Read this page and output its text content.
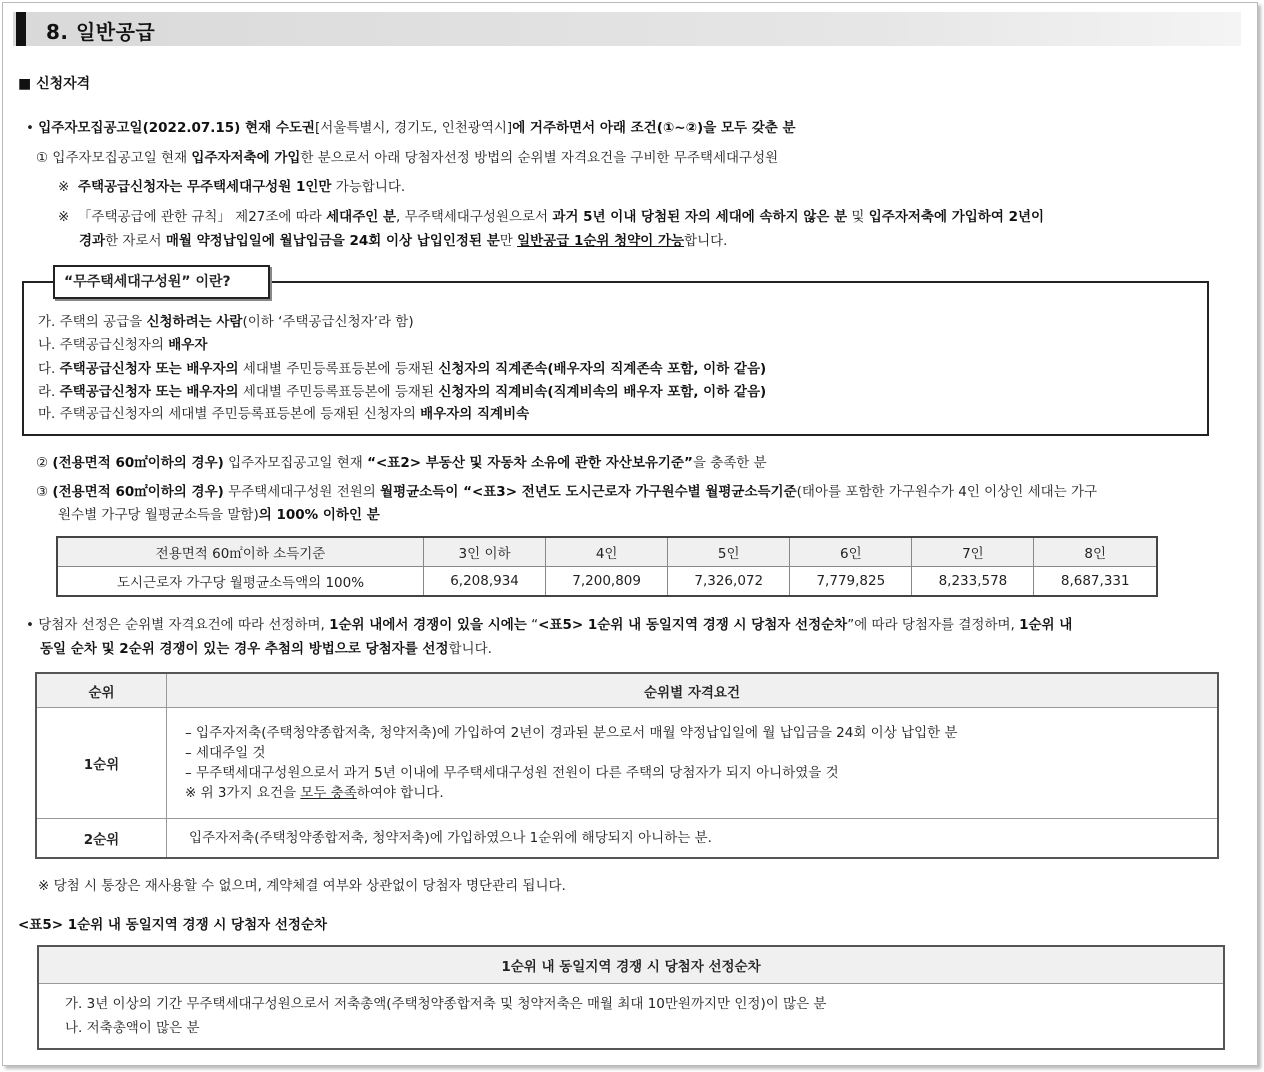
8. 일반공급
■ 신청자격
• 입주자모집공고일(2022.07.15) 현재 수도권[서울특별시, 경기도, 인천광역시]에 거주하면서 아래 조건(①~②)을 모두 갖춘 분
① 입주자모집공고일 현재 입주자저축에 가입한 분으로서 아래 당첨자선정 방법의 순위별 자격요건을 구비한 무주택세대구성원
※ 주택공급신청자는 무주택세대구성원 1인만 가능합니다.
※ 「주택공급에 관한 규칙」 제27조에 따라 세대주인 분, 무주택세대구성원으로서 과거 5년 이내 당첨된 자의 세대에 속하지 않은 분 및 입주자저축에 가입하여 2년이
경과한 자로서 매월 약정납입일에 월납입금을 24회 이상 납입인정된 분만 일반공급 1순위 청약이 가능합니다.
“무주택세대구성원” 이란?
가. 주택의 공급을 신청하려는 사람(이하 ‘주택공급신청자’라 함)
나. 주택공급신청자의 배우자
다. 주택공급신청자 또는 배우자의 세대별 주민등록표등본에 등재된 신청자의 직계존속(배우자의 직계존속 포함, 이하 같음)
라. 주택공급신청자 또는 배우자의 세대별 주민등록표등본에 등재된 신청자의 직계비속(직계비속의 배우자 포함, 이하 같음)
마. 주택공급신청자의 세대별 주민등록표등본에 등재된 신청자의 배우자의 직계비속
② (전용면적 60㎡이하의 경우) 입주자모집공고일 현재 “<표2> 부동산 및 자동차 소유에 관한 자산보유기준”을 충족한 분
③ (전용면적 60㎡이하의 경우) 무주택세대구성원 전원의 월평균소득이 “<표3> 전년도 도시근로자 가구원수별 월평균소득기준(태아를 포함한 가구원수가 4인 이상인 세대는 가구
원수별 가구당 월평균소득을 말함)의 100% 이하인 분
전용면적 60㎡이하 소득기준	3인 이하	4인	5인	6인	7인	8인
도시근로자 가구당 월평균소득액의 100%	6,208,934	7,200,809	7,326,072	7,779,825	8,233,578	8,687,331
• 당첨자 선정은 순위별 자격요건에 따라 선정하며, 1순위 내에서 경쟁이 있을 시에는 “<표5> 1순위 내 동일지역 경쟁 시 당첨자 선정순차”에 따라 당첨자를 결정하며, 1순위 내
동일 순차 및 2순위 경쟁이 있는 경우 추첨의 방법으로 당첨자를 선정합니다.
순위	순위별 자격요건
1순위	– 입주자저축(주택청약종합저축, 청약저축)에 가입하여 2년이 경과된 분으로서 매월 약정납입일에 월 납입금을 24회 이상 납입한 분
– 세대주일 것
– 무주택세대구성원으로서 과거 5년 이내에 무주택세대구성원 전원이 다른 주택의 당첨자가 되지 아니하였을 것
※ 위 3가지 요건을 모두 충족하여야 합니다.

2순위	입주자저축(주택청약종합저축, 청약저축)에 가입하였으나 1순위에 해당되지 아니하는 분.
※ 당첨 시 통장은 재사용할 수 없으며, 계약체결 여부와 상관없이 당첨자 명단관리 됩니다.
<표5> 1순위 내 동일지역 경쟁 시 당첨자 선정순차
1순위 내 동일지역 경쟁 시 당첨자 선정순차

가. 3년 이상의 기간 무주택세대구성원으로서 저축총액(주택청약종합저축 및 청약저축은 매월 최대 10만원까지만 인정)이 많은 분
나. 저축총액이 많은 분
